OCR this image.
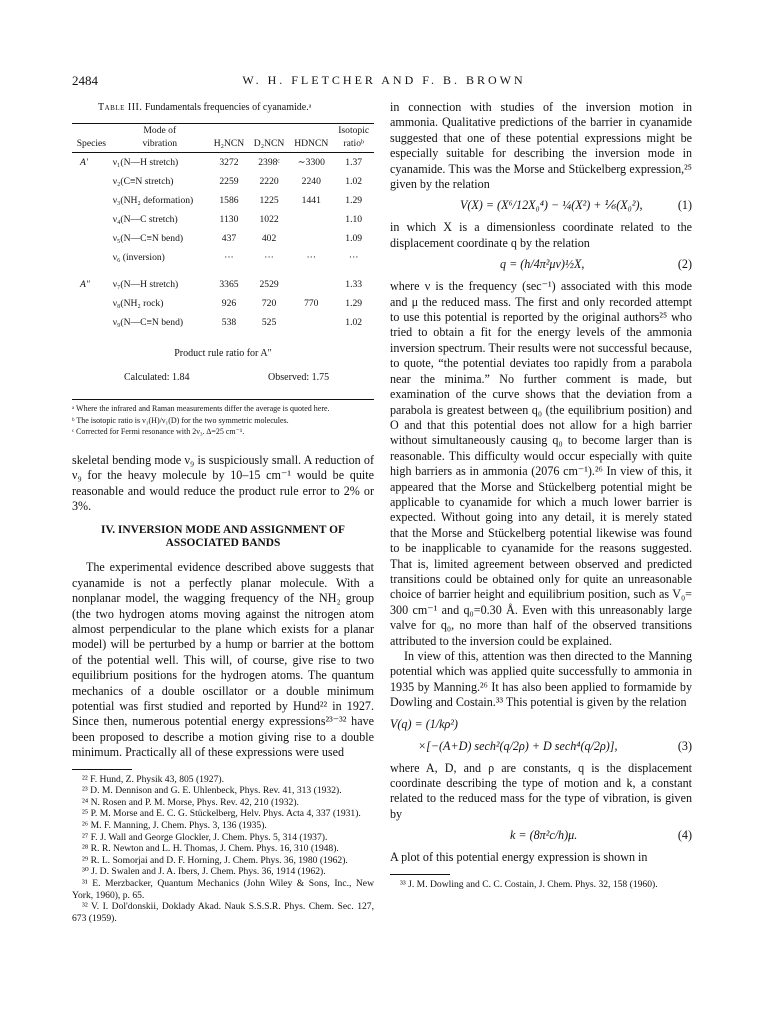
2484	W. H. FLETCHER AND F. B. BROWN
Table III. Fundamentals frequencies of cyanamide.ᵃ
	Mode of				Isotopic
Species	vibration	H₂NCN	D₂NCN	HDNCN	ratioᵇ
A′	ν₁(N—H stretch)	3272	2398ᶜ	∼3300	1.37
	ν₂(C≡N stretch)	2259	2220	2240	1.02
	ν₃(NH₂ deformation)	1586	1225	1441	1.29
	ν₄(N—C stretch)	1130	1022		1.10
	ν₅(N—C≡N bend)	437	402		1.09
	ν₆ (inversion)	···	···	···	···

A″	ν₇(N—H stretch)	3365	2529		1.33
	ν₈(NH₂ rock)	926	720	770	1.29
	ν₉(N—C≡N bend)	538	525		1.02
Product rule ratio for A″
Calculated: 1.84	Observed: 1.75

ᵃ Where the infrared and Raman measurements differ the average is quoted here.

ᵇ The isotopic ratio is ν₁(H)/ν₁(D) for the two symmetric molecules.

ᶜ Corrected for Fermi resonance with 2ν₃. Δ=25 cm⁻¹.

skeletal bending mode ν₉ is suspiciously small. A reduction of ν₉ for the heavy molecule by 10–15 cm⁻¹ would be quite reasonable and would reduce the product rule error to 2% or 3%.

IV. INVERSION MODE AND ASSIGNMENT OF
ASSOCIATED BANDS

The experimental evidence described above suggests that cyanamide is not a perfectly planar molecule. With a nonplanar model, the wagging frequency of the NH₂ group (the two hydrogen atoms moving against the nitrogen atom almost perpendicular to the plane which exists for a planar model) will be perturbed by a hump or barrier at the bottom of the potential well. This will, of course, give rise to two equilibrium positions for the hydrogen atoms. The quantum mechanics of a double oscillator or a double minimum potential was first studied and reported by Hund²² in 1927. Since then, numerous potential energy expressions²³⁻³² have been proposed to describe a motion giving rise to a double minimum. Practically all of these expressions were used

²² F. Hund, Z. Physik 43, 805 (1927).

²³ D. M. Dennison and G. E. Uhlenbeck, Phys. Rev. 41, 313 (1932).

²⁴ N. Rosen and P. M. Morse, Phys. Rev. 42, 210 (1932).

²⁵ P. M. Morse and E. C. G. Stückelberg, Helv. Phys. Acta 4, 337 (1931).

²⁶ M. F. Manning, J. Chem. Phys. 3, 136 (1935).

²⁷ F. J. Wall and George Glockler, J. Chem. Phys. 5, 314 (1937).

²⁸ R. R. Newton and L. H. Thomas, J. Chem. Phys. 16, 310 (1948).

²⁹ R. L. Somorjai and D. F. Horning, J. Chem. Phys. 36, 1980 (1962).

³⁰ J. D. Swalen and J. A. Ibers, J. Chem. Phys. 36, 1914 (1962).

³¹ E. Merzbacker, Quantum Mechanics (John Wiley & Sons, Inc., New York, 1960), p. 65.

³² V. I. Dol'donskii, Doklady Akad. Nauk S.S.S.R. Phys. Chem. Sec. 127, 673 (1959).

in connection with studies of the inversion motion in ammonia. Qualitative predictions of the barrier in cyanamide suggested that one of these potential expressions might be especially suitable for describing the inversion mode in cyanamide. This was the Morse and Stückelberg expression,²⁵ given by the relation

V(X) = (X⁶/12X₀⁴) − ¼(X²) + ⅙(X₀²),	(1)

in which X is a dimensionless coordinate related to the displacement coordinate q by the relation

q = (h/4π²μν)½X,	(2)

where ν is the frequency (sec⁻¹) associated with this mode and μ the reduced mass. The first and only recorded attempt to use this potential is reported by the original authors²⁵ who tried to obtain a fit for the energy levels of the ammonia inversion spectrum. Their results were not successful because, to quote, “the potential deviates too rapidly from a parabola near the minima.” No further comment is made, but examination of the curve shows that the deviation from a parabola is greatest between q₀ (the equilibrium position) and O and that this potential does not allow for a high barrier without simultaneously causing q₀ to become larger than is reasonable. This difficulty would occur especially with quite high barriers as in ammonia (2076 cm⁻¹).²⁶ In view of this, it appeared that the Morse and Stückelberg potential might be applicable to cyanamide for which a much lower barrier is expected. Without going into any detail, it is merely stated that the Morse and Stückelberg potential likewise was found to be inapplicable to cyanamide for the reasons suggested. That is, limited agreement between observed and predicted transitions could be obtained only for quite an unreasonable choice of barrier height and equilibrium position, such as V₀= 300 cm⁻¹ and q₀=0.30 Å. Even with this unreasonably large valve for q₀, no more than half of the observed transitions attributed to the inversion could be explained.

In view of this, attention was then directed to the Manning potential which was applied quite successfully to ammonia in 1935 by Manning.²⁶ It has also been applied to formamide by Dowling and Costain.³³ This potential is given by the relation

V(q) = (1/kρ²)
×[−(A+D) sech²(q/2ρ) + D sech⁴(q/2ρ)],	(3)

where A, D, and ρ are constants, q is the displacement coordinate describing the type of motion and k, a constant related to the reduced mass for the type of vibration, is given by

k = (8π²c/h)μ.	(4)

A plot of this potential energy expression is shown in

³³ J. M. Dowling and C. C. Costain, J. Chem. Phys. 32, 158 (1960).
